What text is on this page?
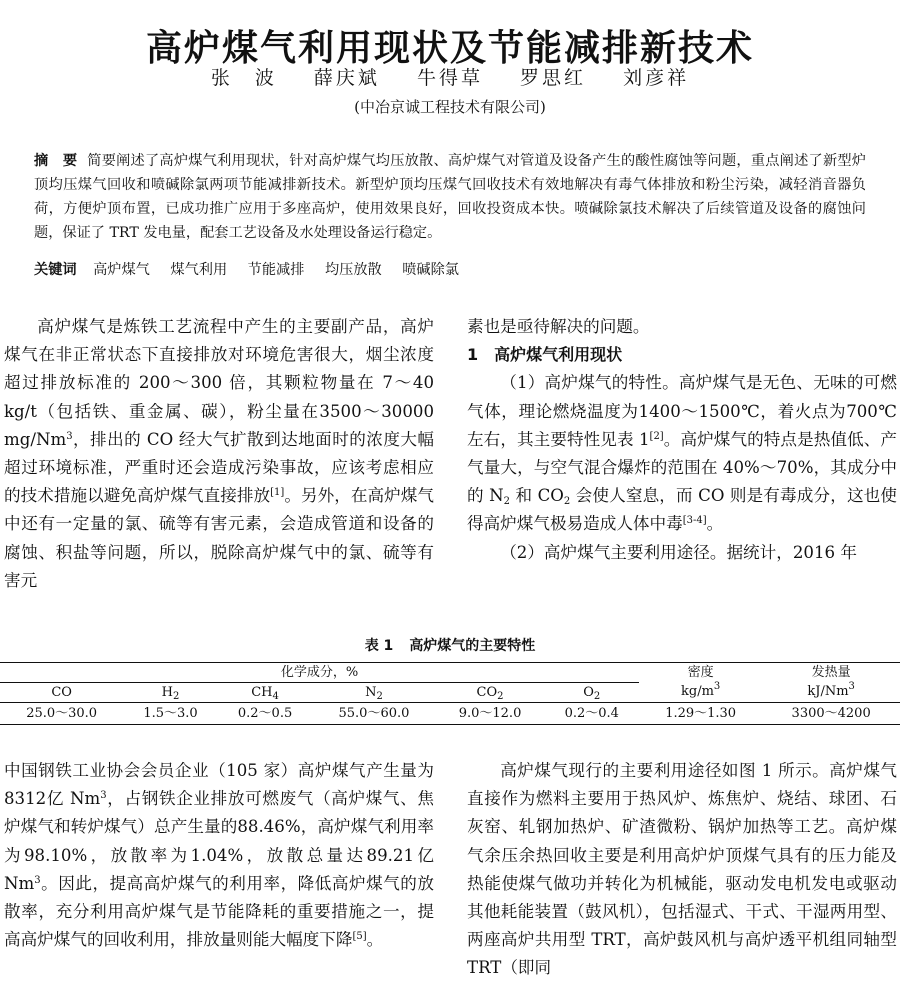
高炉煤气利用现状及节能减排新技术
张　波 薛庆斌 牛得草 罗思红 刘彦祥
(中冶京诚工程技术有限公司)
摘　要 简要阐述了高炉煤气利用现状，针对高炉煤气均压放散、高炉煤气对管道及设备产生的酸性腐蚀等问题，重点阐述了新型炉顶均压煤气回收和喷碱除氯两项节能减排新技术。新型炉顶均压煤气回收技术有效地解决有毒气体排放和粉尘污染，减轻消音器负荷，方便炉顶布置，已成功推广应用于多座高炉，使用效果良好，回收投资成本快。喷碱除氯技术解决了后续管道及设备的腐蚀问题，保证了 TRT 发电量，配套工艺设备及水处理设备运行稳定。
关键词 高炉煤气 煤气利用 节能减排 均压放散 喷碱除氯

高炉煤气是炼铁工艺流程中产生的主要副产品，高炉煤气在非正常状态下直接排放对环境危害很大，烟尘浓度超过排放标准的 200～300 倍，其颗粒物量在 7～40 kg/t（包括铁、重金属、碳），粉尘量在3500～30000 mg/Nm$^3$，排出的 CO 经大气扩散到达地面时的浓度大幅超过环境标准，严重时还会造成污染事故，应该考虑相应的技术措施以避免高炉煤气直接排放[1]。另外，在高炉煤气中还有一定量的氯、硫等有害元素，会造成管道和设备的腐蚀、积盐等问题，所以，脱除高炉煤气中的氯、硫等有害元

素也是亟待解决的问题。

1 高炉煤气利用现状

（1）高炉煤气的特性。高炉煤气是无色、无味的可燃气体，理论燃烧温度为1400～1500℃，着火点为700℃左右，其主要特性见表 1[2]。高炉煤气的特点是热值低、产气量大，与空气混合爆炸的范围在 40%～70%，其成分中的 $N_2$ 和 $CO_2$ 会使人窒息，而 CO 则是有毒成分，这也使得高炉煤气极易造成人体中毒[3-4]。

（2）高炉煤气主要利用途径。据统计，2016 年

表 1 高炉煤气的主要特性
化学成分，%						密度	发热量
CO	$H_2$	$CH_4$	$N_2$	$CO_2$	$O_2$	$kg/m^3$	kJ/Nm$^3$
25.0～30.0	1.5～3.0	0.2～0.5	55.0～60.0	9.0～12.0	0.2～0.4	1.29～1.30	3300～4200

中国钢铁工业协会会员企业（105 家）高炉煤气产生量为8312亿 Nm$^3$，占钢铁企业排放可燃废气（高炉煤气、焦炉煤气和转炉煤气）总产生量的88.46%，高炉煤气利用率为98.10%，放散率为1.04%，放散总量达89.21亿 Nm$^3$。因此，提高高炉煤气的利用率，降低高炉煤气的放散率，充分利用高炉煤气是节能降耗的重要措施之一，提高高炉煤气的回收利用，排放量则能大幅度下降[5]。

高炉煤气现行的主要利用途径如图 1 所示。高炉煤气直接作为燃料主要用于热风炉、炼焦炉、烧结、球团、石灰窑、轧钢加热炉、矿渣微粉、锅炉加热等工艺。高炉煤气余压余热回收主要是利用高炉炉顶煤气具有的压力能及热能使煤气做功并转化为机械能，驱动发电机发电或驱动其他耗能装置（鼓风机），包括湿式、干式、干湿两用型、两座高炉共用型 TRT，高炉鼓风机与高炉透平机组同轴型 TRT（即同
